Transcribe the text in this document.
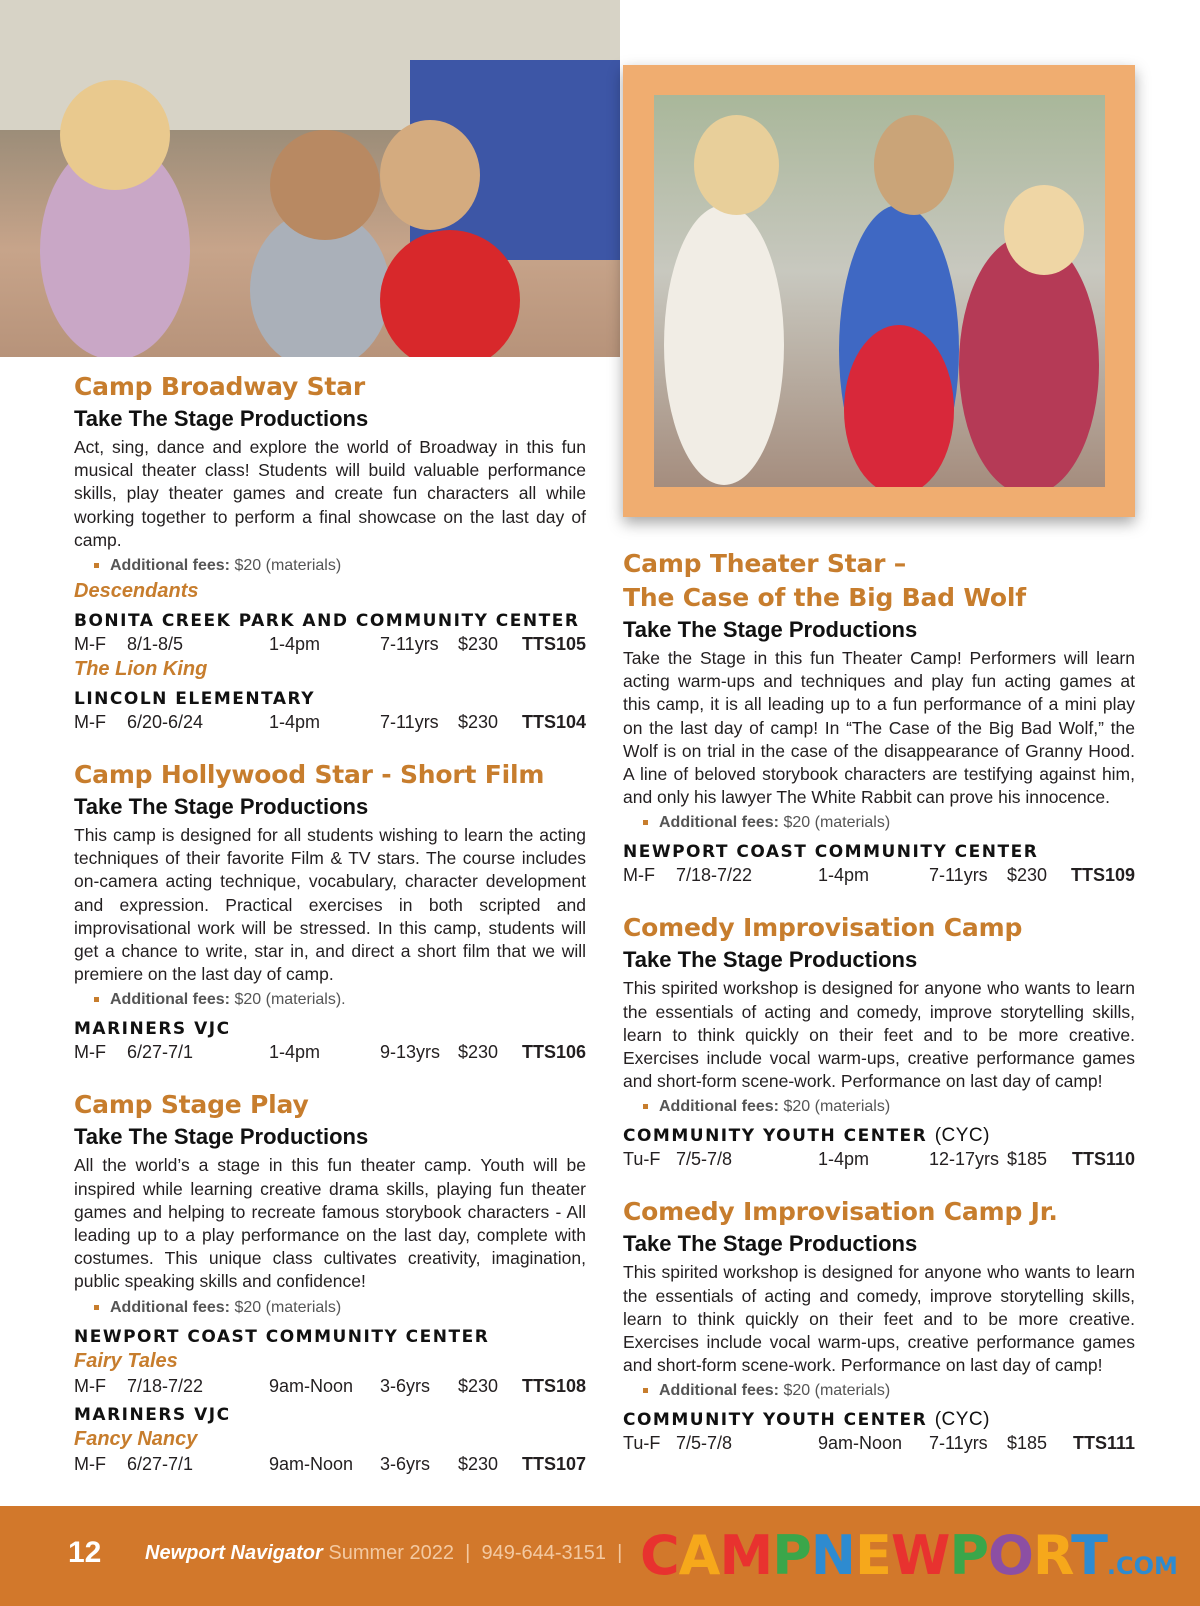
Camp Broadway Star
Take The Stage Productions
Act, sing, dance and explore the world of Broadway in this fun musical theater class! Students will build valuable performance skills, play theater games and create fun characters all while working together to perform a final showcase on the last day of camp.
Additional fees: $20 (materials)
Descendants
BONITA CREEK PARK AND COMMUNITY CENTER
M-F 8/1-8/5	1-4pm	7-11yrs $230 TTS105
The Lion King
LINCOLN ELEMENTARY
M-F 6/20-6/24	1-4pm	7-11yrs $230 TTS104
Camp Hollywood Star - Short Film
Take The Stage Productions
This camp is designed for all students wishing to learn the acting techniques of their favorite Film & TV stars. The course includes on-camera acting technique, vocabulary, character development and expression. Practical exercises in both scripted and improvisational work will be stressed. In this camp, students will get a chance to write, star in, and direct a short film that we will premiere on the last day of camp.
Additional fees: $20 (materials).
MARINERS VJC
M-F 6/27-7/1	1-4pm	9-13yrs $230 TTS106
Camp Stage Play
Take The Stage Productions
All the world’s a stage in this fun theater camp. Youth will be inspired while learning creative drama skills, playing fun theater games and helping to recreate famous storybook characters - All leading up to a play performance on the last day, complete with costumes. This unique class cultivates creativity, imagination, public speaking skills and confidence!
Additional fees: $20 (materials)
NEWPORT COAST COMMUNITY CENTER
Fairy Tales
M-F 7/18-7/22	9am-Noon 3-6yrs $230 TTS108
MARINERS VJC
Fancy Nancy
M-F 6/27-7/1	9am-Noon 3-6yrs $230 TTS107
Camp Theater Star –
The Case of the Big Bad Wolf
Take The Stage Productions
Take the Stage in this fun Theater Camp! Performers will learn acting warm-ups and techniques and play fun acting games at this camp, it is all leading up to a fun performance of a mini play on the last day of camp! In “The Case of the Big Bad Wolf,” the Wolf is on trial in the case of the disappearance of Granny Hood. A line of beloved storybook characters are testifying against him, and only his lawyer The White Rabbit can prove his innocence.
Additional fees: $20 (materials)
NEWPORT COAST COMMUNITY CENTER
M-F 7/18-7/22	1-4pm	7-11yrs $230 TTS109
Comedy Improvisation Camp
Take The Stage Productions
This spirited workshop is designed for anyone who wants to learn the essentials of acting and comedy, improve storytelling skills, learn to think quickly on their feet and to be more creative. Exercises include vocal warm-ups, creative performance games and short-form scene-work. Performance on last day of camp!
Additional fees: $20 (materials)
COMMUNITY YOUTH CENTER (CYC)
Tu-F 7/5-7/8	1-4pm	12-17yrs $185 TTS110
Comedy Improvisation Camp Jr.
Take The Stage Productions
This spirited workshop is designed for anyone who wants to learn the essentials of acting and comedy, improve storytelling skills, learn to think quickly on their feet and to be more creative. Exercises include vocal warm-ups, creative performance games and short-form scene-work. Performance on last day of camp!
Additional fees: $20 (materials)
COMMUNITY YOUTH CENTER (CYC)
Tu-F 7/5-7/8	9am-Noon 7-11yrs $185 TTS111
12 Newport Navigator Summer 2022 | 949-644-3151 | CAMPNEWPORT.COM
